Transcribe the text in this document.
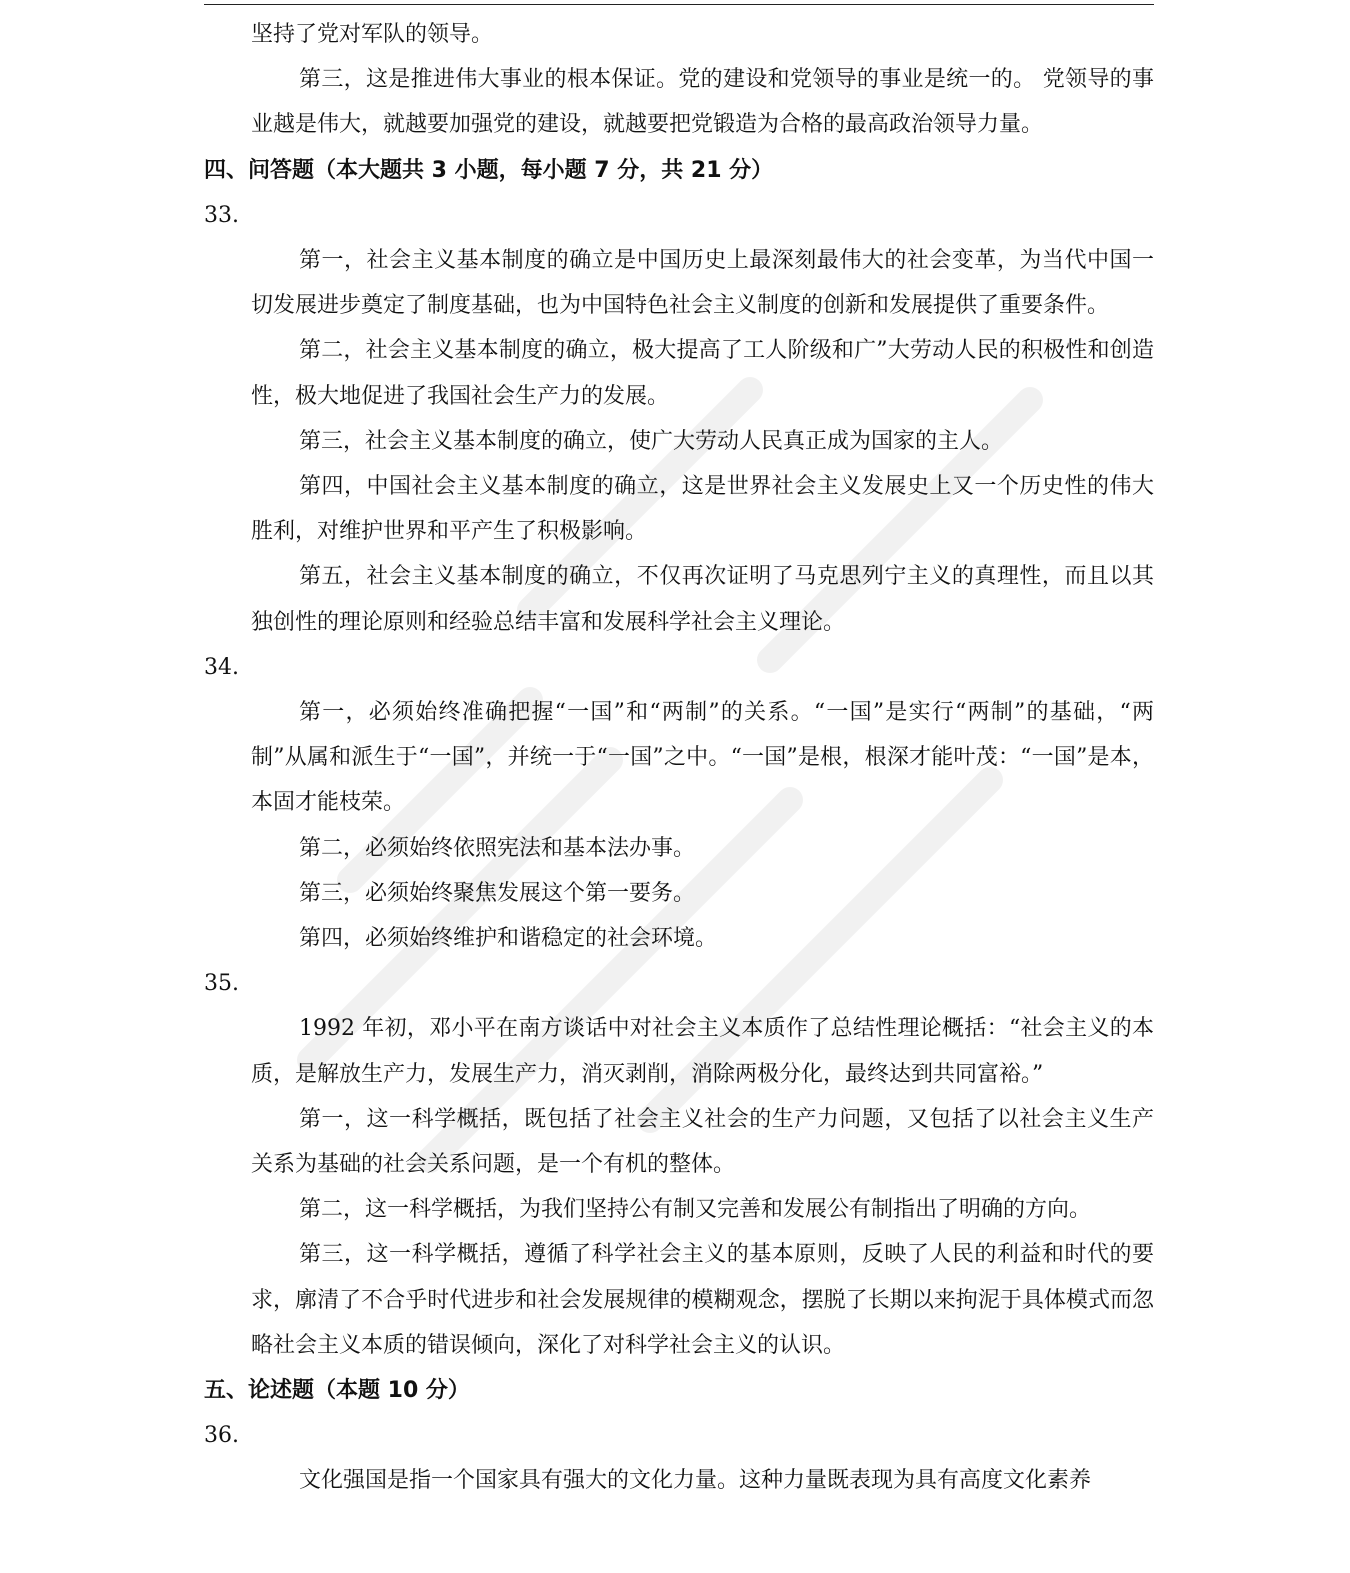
坚持了党对军队的领导。

第三，这是推进伟大事业的根本保证。党的建设和党领导的事业是统一的。 党领导的事业越是伟大，就越要加强党的建设，就越要把党锻造为合格的最高政治领导力量。

四、问答题（本大题共 3 小题，每小题 7 分，共 21 分）
33.

第一，社会主义基本制度的确立是中国历史上最深刻最伟大的社会变革，为当代中国一切发展进步奠定了制度基础，也为中国特色社会主义制度的创新和发展提供了重要条件。

第二，社会主义基本制度的确立，极大提高了工人阶级和广”大劳动人民的积极性和创造性，极大地促进了我国社会生产力的发展。

第三，社会主义基本制度的确立，使广大劳动人民真正成为国家的主人。

第四，中国社会主义基本制度的确立，这是世界社会主义发展史上又一个历史性的伟大胜利，对维护世界和平产生了积极影响。

第五，社会主义基本制度的确立，不仅再次证明了马克思列宁主义的真理性，而且以其独创性的理论原则和经验总结丰富和发展科学社会主义理论。

34.

第一，必须始终准确把握“一国”和“两制”的关系。“一国”是实行“两制”的基础，“两制”从属和派生于“一国”，并统一于“一国”之中。“一国”是根，根深才能叶茂：“一国”是本，本固才能枝荣。

第二，必须始终依照宪法和基本法办事。

第三，必须始终聚焦发展这个第一要务。

第四，必须始终维护和谐稳定的社会环境。

35.

1992 年初，邓小平在南方谈话中对社会主义本质作了总结性理论概括：“社会主义的本质，是解放生产力，发展生产力，消灭剥削，消除两极分化，最终达到共同富裕。”

第一，这一科学概括，既包括了社会主义社会的生产力问题，又包括了以社会主义生产关系为基础的社会关系问题，是一个有机的整体。

第二，这一科学概括，为我们坚持公有制又完善和发展公有制指出了明确的方向。

第三，这一科学概括，遵循了科学社会主义的基本原则，反映了人民的利益和时代的要求，廓清了不合乎时代进步和社会发展规律的模糊观念，摆脱了长期以来拘泥于具体模式而忽略社会主义本质的错误倾向，深化了对科学社会主义的认识。

五、论述题（本题 10 分）
36.

文化强国是指一个国家具有强大的文化力量。这种力量既表现为具有高度文化素养
